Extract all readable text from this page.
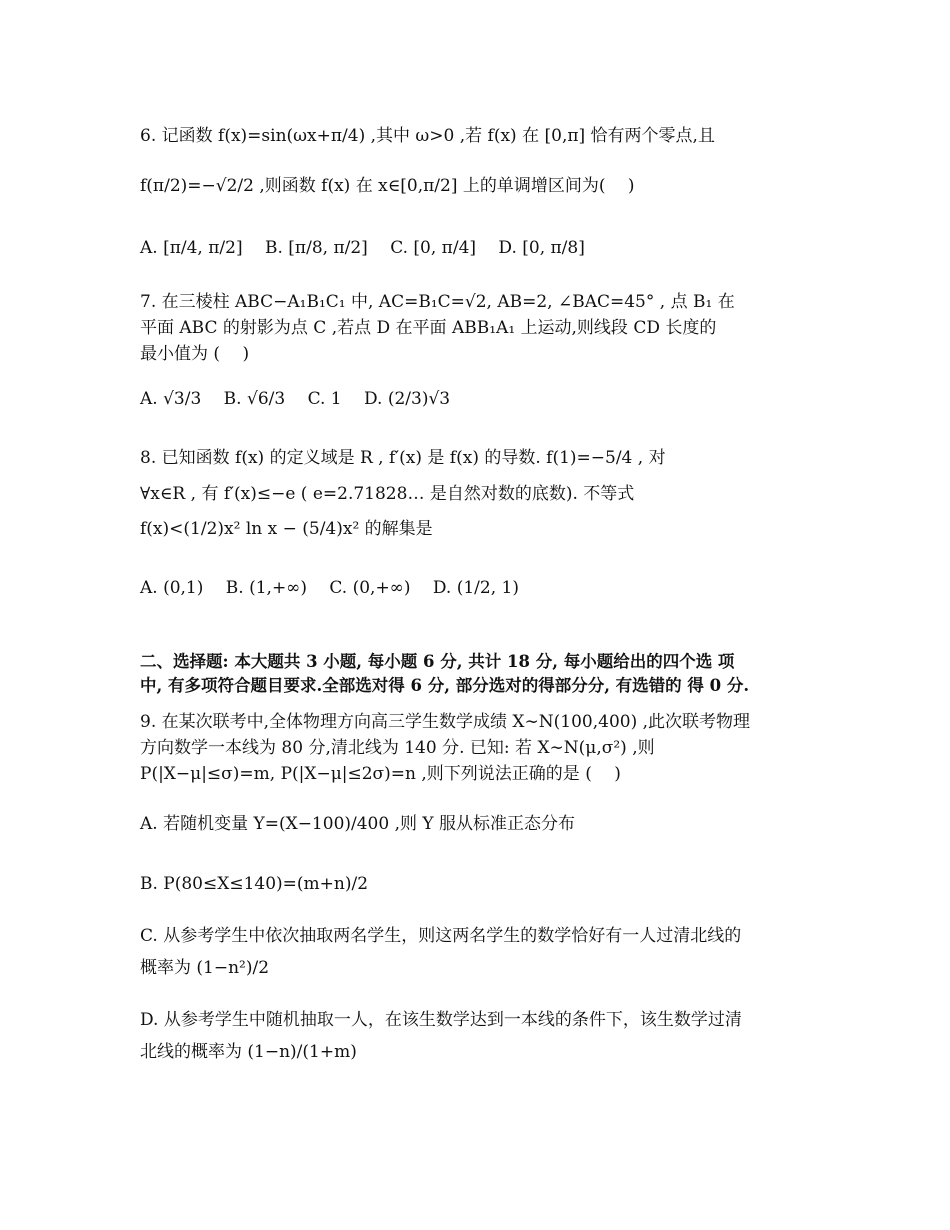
6. 记函数 f(x)=sin(ωx+π/4) ,其中 ω>0 ,若 f(x) 在 [0,π] 恰有两个零点,且
f(π/2)=−√2/2 ,则函数 f(x) 在 x∈[0,π/2] 上的单调增区间为(　 )
A. [π/4, π/2]　 B. [π/8, π/2]　 C. [0, π/4]　 D. [0, π/8]
7. 在三棱柱 ABC−A₁B₁C₁ 中, AC=B₁C=√2, AB=2, ∠BAC=45° , 点 B₁ 在
平面 ABC 的射影为点 C ,若点 D 在平面 ABB₁A₁ 上运动,则线段 CD 长度的
最小值为 (　 )
A. √3/3　 B. √6/3　 C. 1　 D. (2/3)√3
8. 已知函数 f(x) 的定义域是 R , f′(x) 是 f(x) 的导数. f(1)=−5/4 , 对
∀x∈R , 有 f′(x)≤−e ( e=2.71828… 是自然对数的底数). 不等式
f(x)<(1/2)x² ln x − (5/4)x² 的解集是
A. (0,1)　 B. (1,+∞)　 C. (0,+∞)　 D. (1/2, 1)
二、选择题: 本大题共 3 小题, 每小题 6 分, 共计 18 分, 每小题给出的四个选 项
中, 有多项符合题目要求.全部选对得 6 分, 部分选对的得部分分, 有选错的 得 0 分.
9. 在某次联考中,全体物理方向高三学生数学成绩 X∼N(100,400) ,此次联考物理
方向数学一本线为 80 分,清北线为 140 分. 已知: 若 X∼N(μ,σ²) ,则
P(|X−μ|≤σ)=m, P(|X−μ|≤2σ)=n ,则下列说法正确的是 (　 )
A. 若随机变量 Y=(X−100)/400 ,则 Y 服从标准正态分布
B. P(80≤X≤140)=(m+n)/2
C. 从参考学生中依次抽取两名学生，则这两名学生的数学恰好有一人过清北线的
概率为 (1−n²)/2
D. 从参考学生中随机抽取一人，在该生数学达到一本线的条件下，该生数学过清
北线的概率为 (1−n)/(1+m)
